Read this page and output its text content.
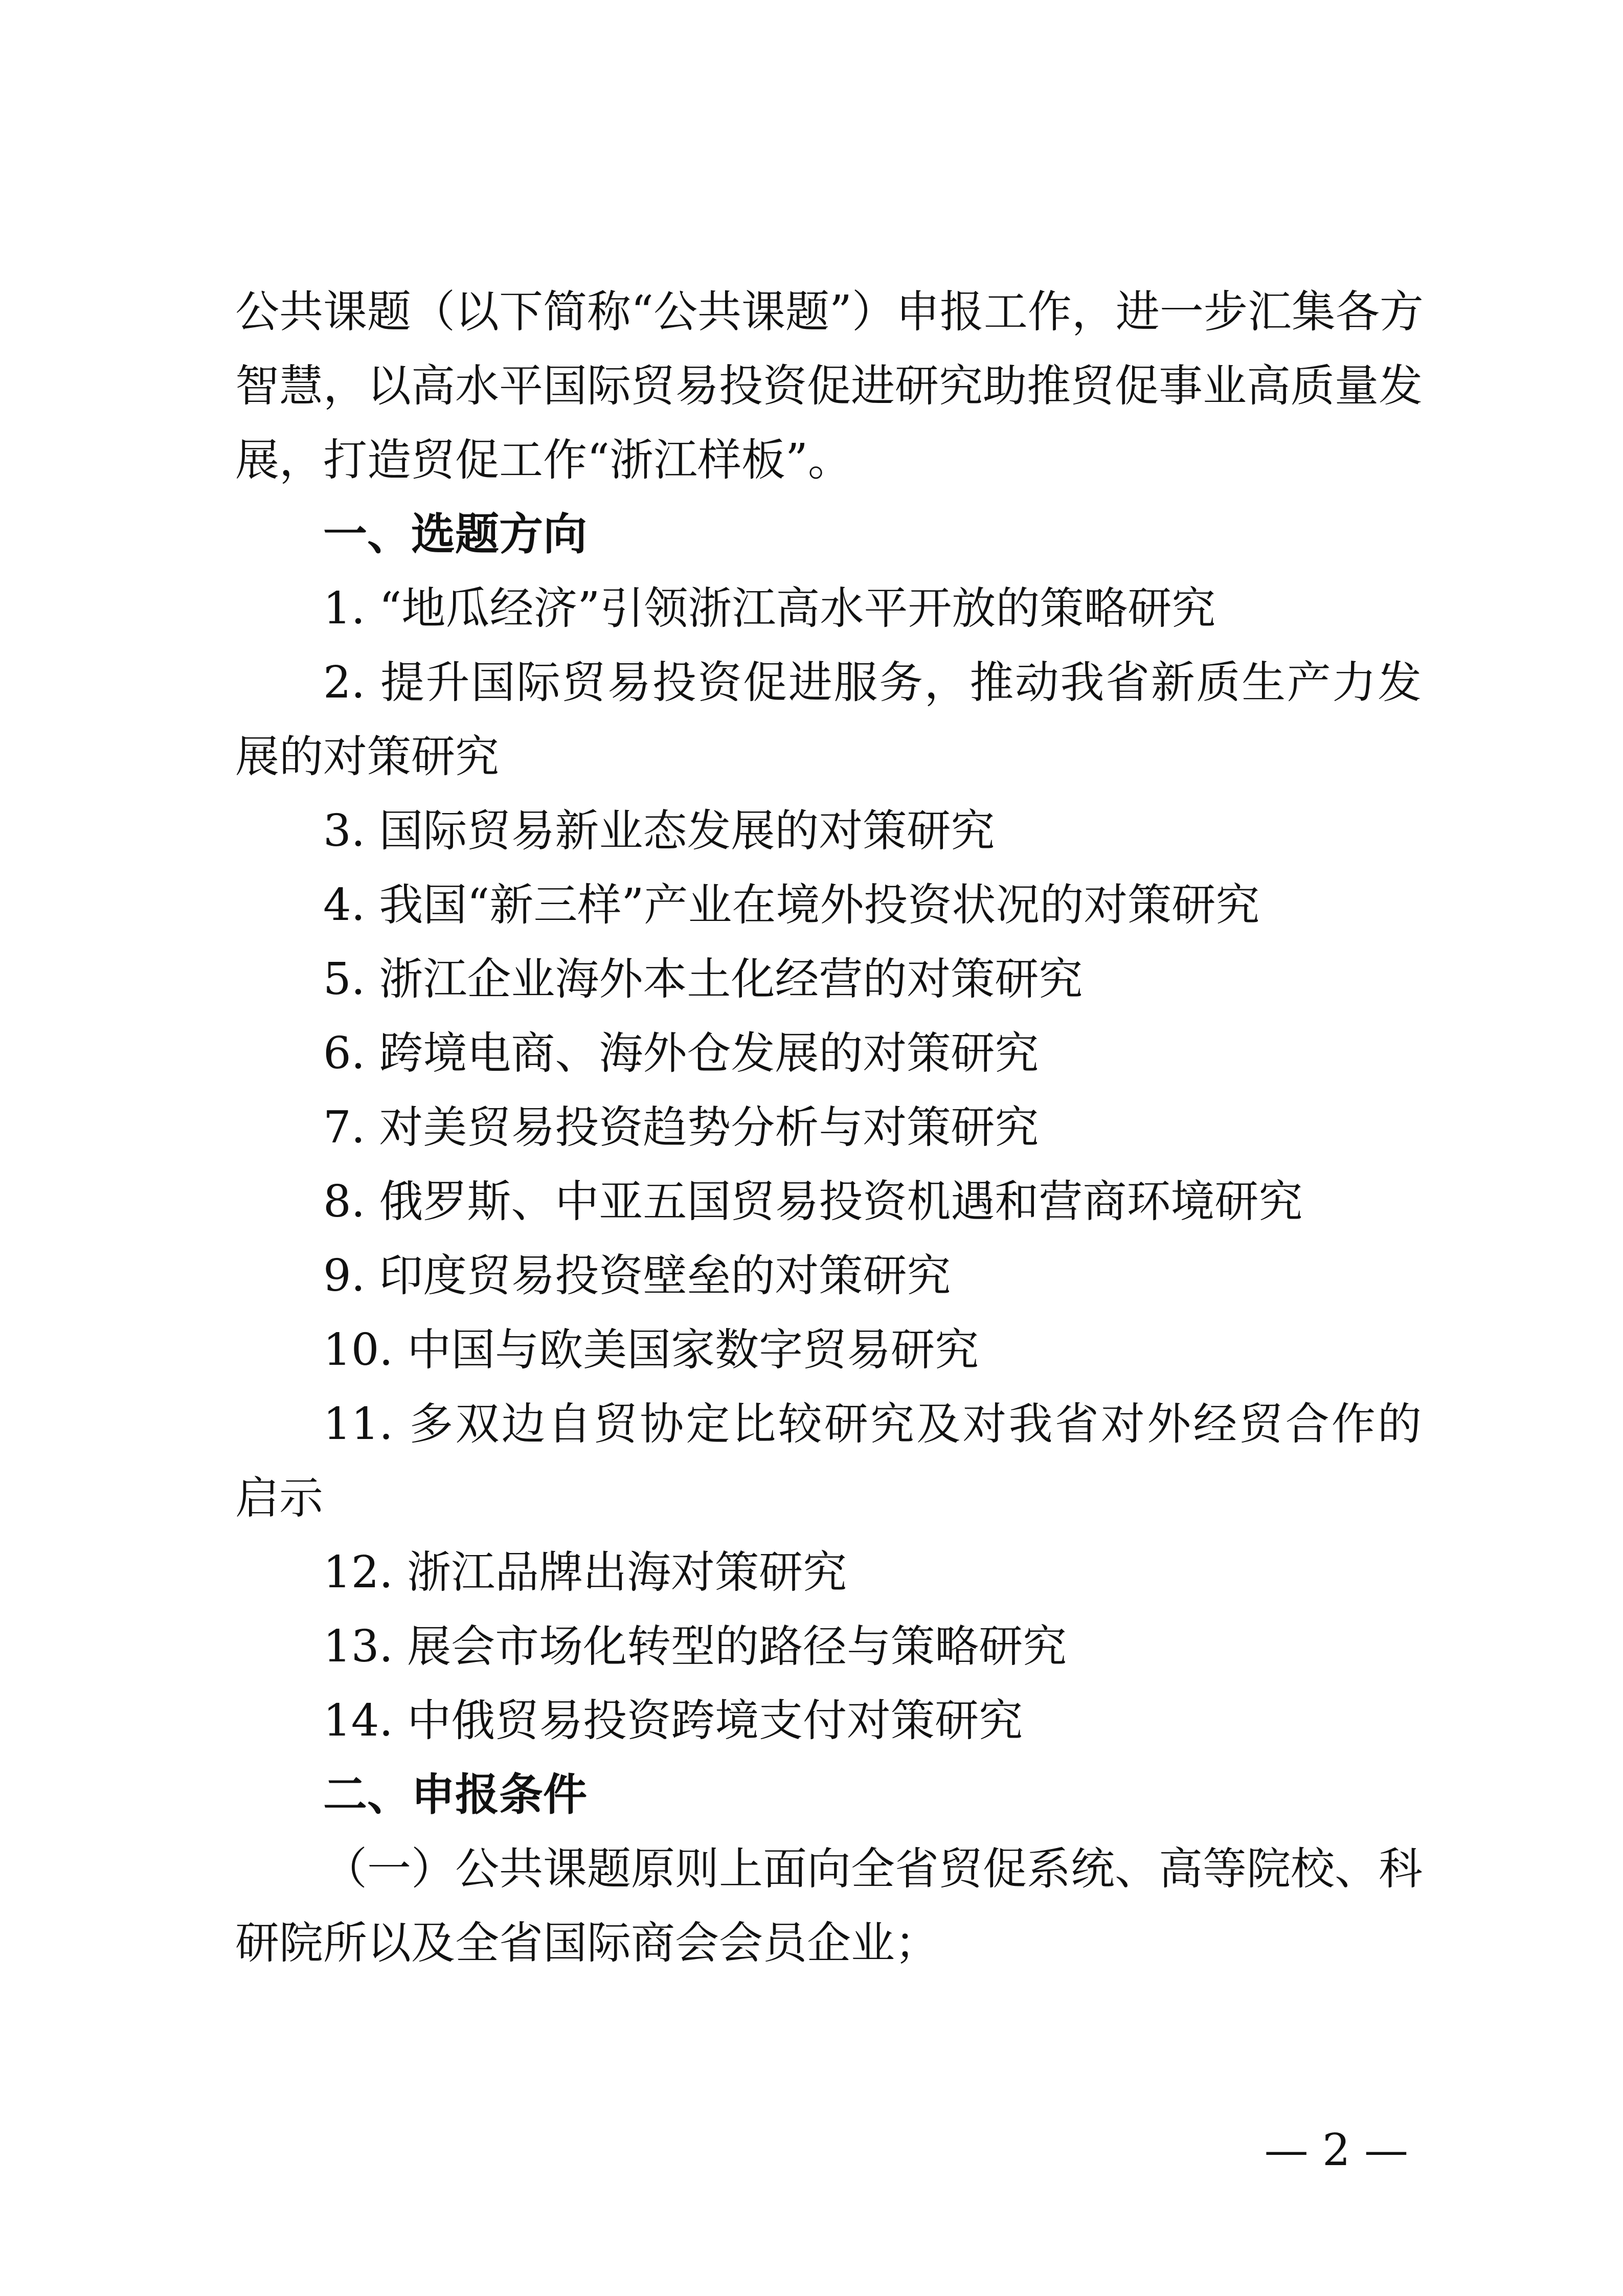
公共课题（以下简称“公共课题”）申报工作，进一步汇集各方
智慧，以高水平国际贸易投资促进研究助推贸促事业高质量发
展，打造贸促工作“浙江样板”。
一、选题方向
1. “地瓜经济”引领浙江高水平开放的策略研究
2. 提升国际贸易投资促进服务，推动我省新质生产力发
展的对策研究
3. 国际贸易新业态发展的对策研究
4. 我国“新三样”产业在境外投资状况的对策研究
5. 浙江企业海外本土化经营的对策研究
6. 跨境电商、海外仓发展的对策研究
7. 对美贸易投资趋势分析与对策研究
8. 俄罗斯、中亚五国贸易投资机遇和营商环境研究
9. 印度贸易投资壁垒的对策研究
10. 中国与欧美国家数字贸易研究
11. 多双边自贸协定比较研究及对我省对外经贸合作的
启示
12. 浙江品牌出海对策研究
13. 展会市场化转型的路径与策略研究
14. 中俄贸易投资跨境支付对策研究
二、申报条件
（一）公共课题原则上面向全省贸促系统、高等院校、科
研院所以及全省国际商会会员企业；
— 2 —
